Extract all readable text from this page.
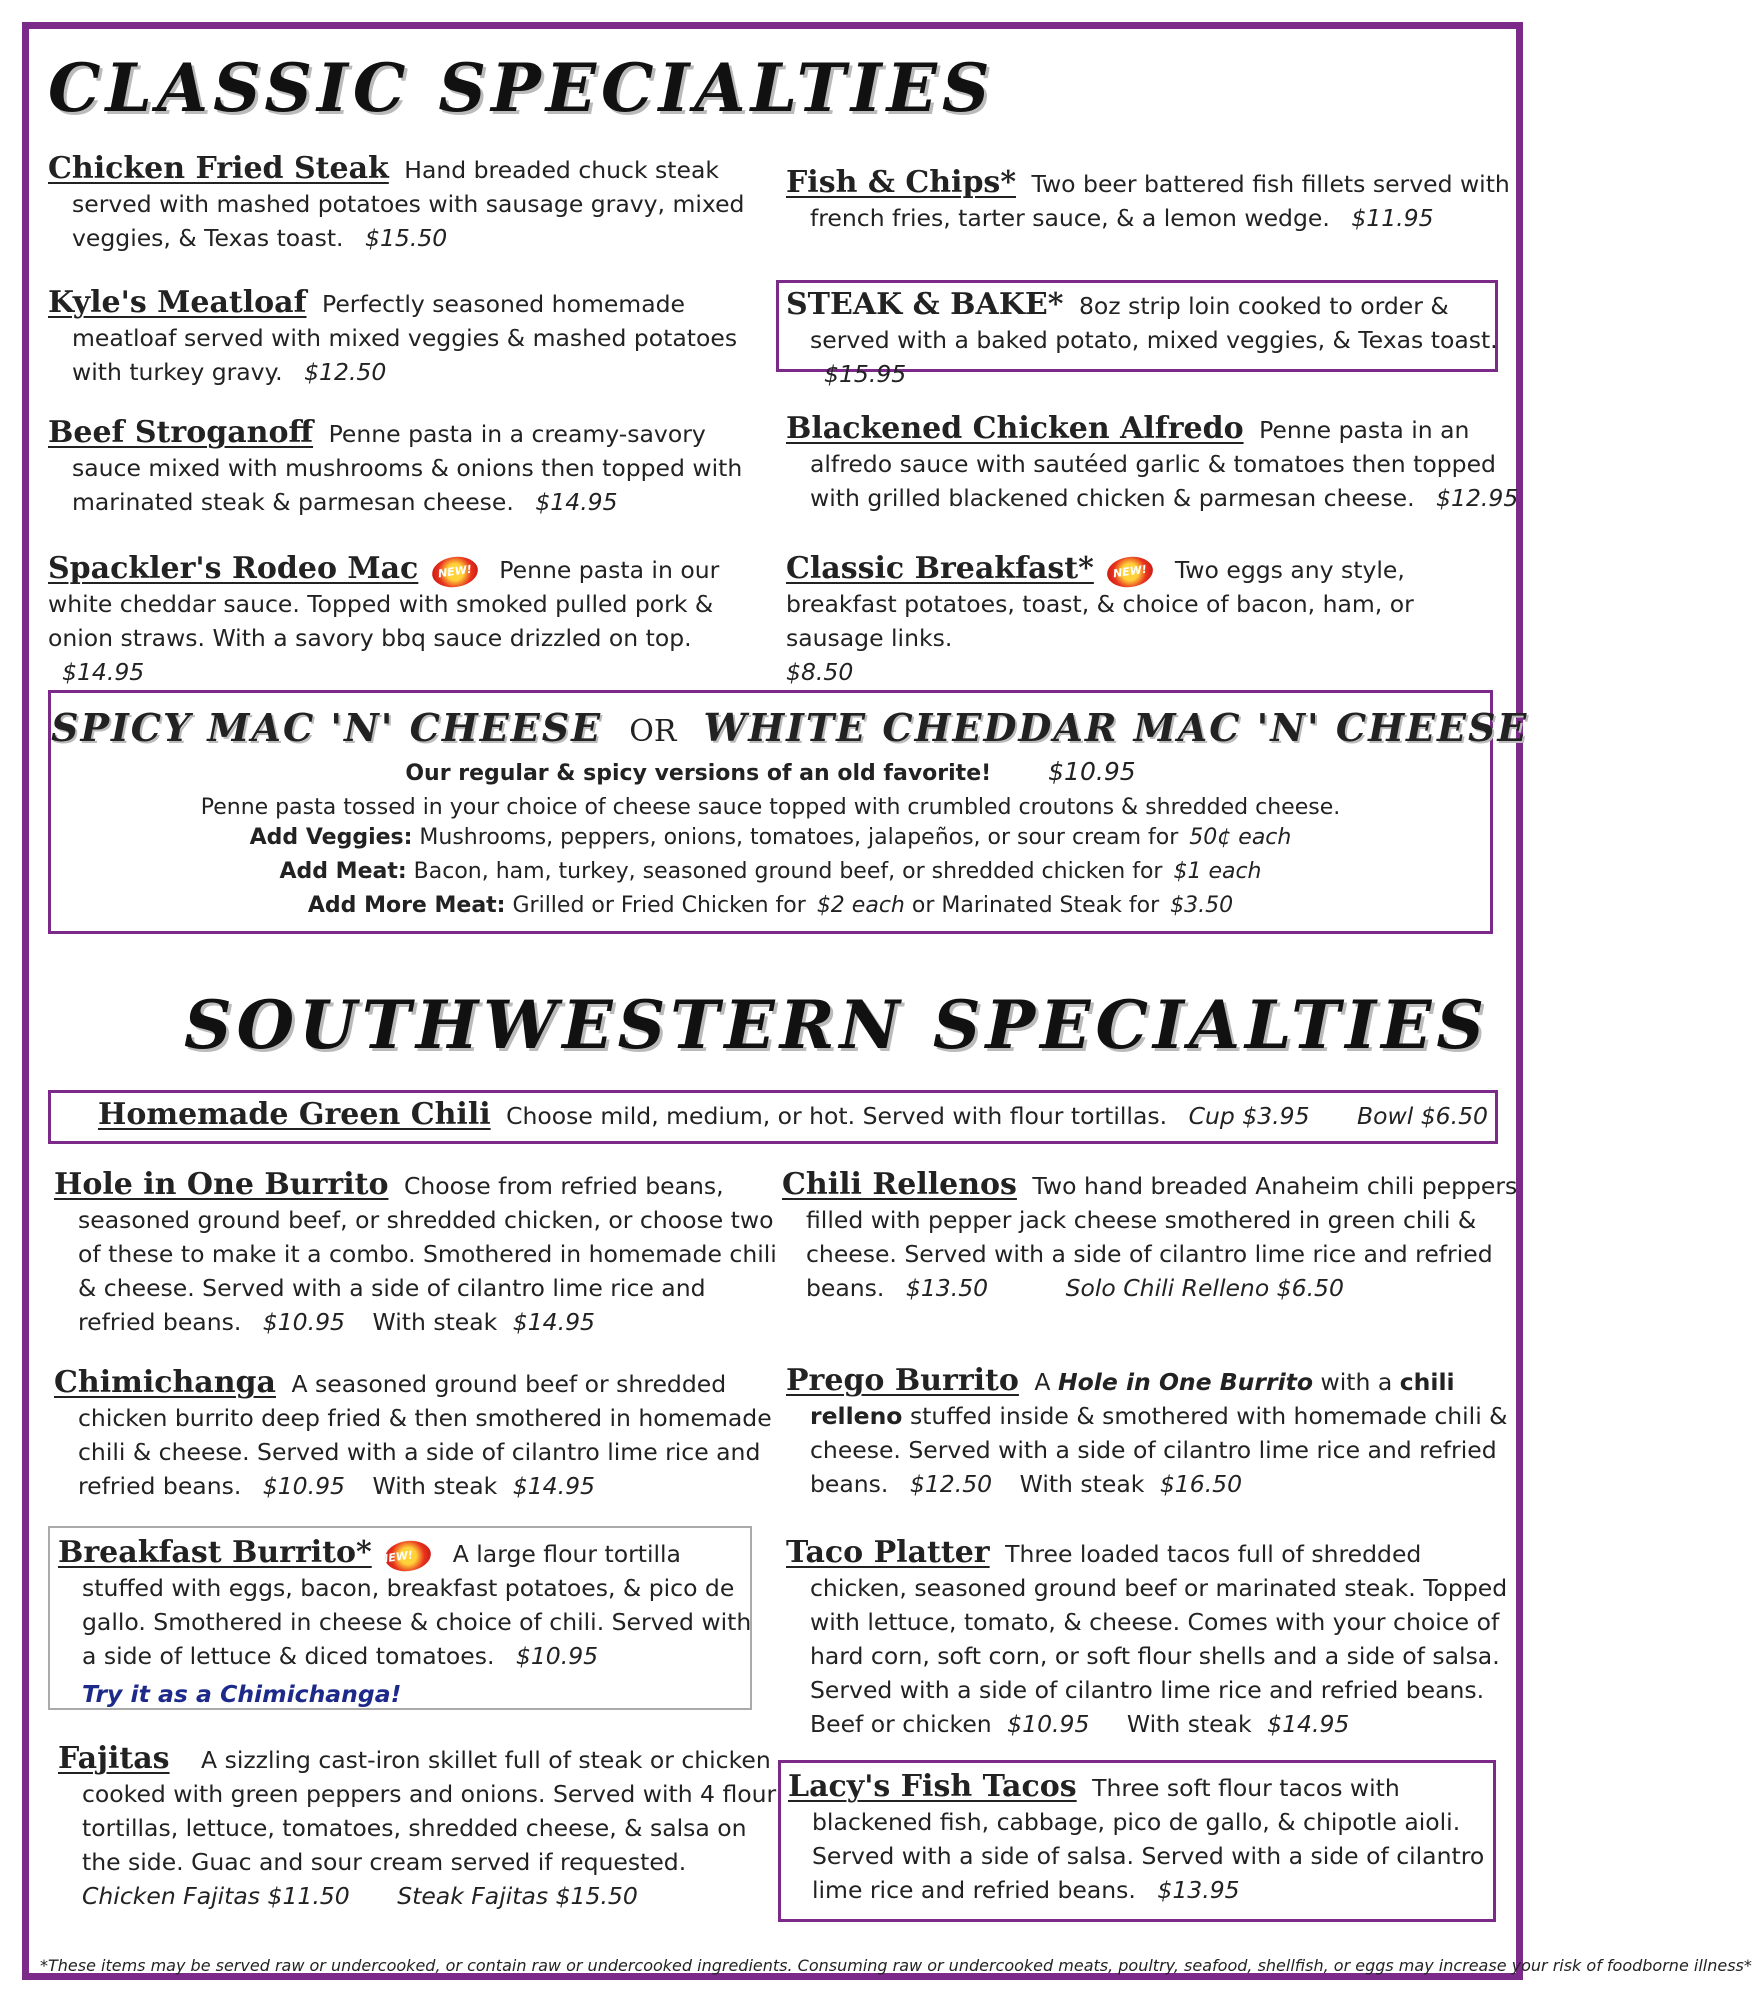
CLASSIC SPECIALTIES
Chicken Fried Steak Hand breaded chuck steak served with mashed potatoes with sausage gravy, mixed veggies, & Texas toast. $15.50
Kyle's Meatloaf Perfectly seasoned homemade meatloaf served with mixed veggies & mashed potatoes with turkey gravy. $12.50
Beef Stroganoff Penne pasta in a creamy-savory sauce mixed with mushrooms & onions then topped with marinated steak & parmesan cheese. $14.95
Spackler's Rodeo Mac NEW! Penne pasta in our white cheddar sauce. Topped with smoked pulled pork & onion straws. With a savory bbq sauce drizzled on top. $14.95
Fish & Chips* Two beer battered fish fillets served with french fries, tarter sauce, & a lemon wedge. $11.95
STEAK & BAKE* 8oz strip loin cooked to order & served with a baked potato, mixed veggies, & Texas toast. $15.95
Blackened Chicken Alfredo Penne pasta in an alfredo sauce with sautéed garlic & tomatoes then topped with grilled blackened chicken & parmesan cheese. $12.95
Classic Breakfast* NEW! Two eggs any style, breakfast potatoes, toast, & choice of bacon, ham, or sausage links.
$8.50
SPICY MAC 'N' CHEESE OR WHITE CHEDDAR MAC 'N' CHEESE
Our regular & spicy versions of an old favorite! $10.95
Penne pasta tossed in your choice of cheese sauce topped with crumbled croutons & shredded cheese.
Add Veggies: Mushrooms, peppers, onions, tomatoes, jalapeños, or sour cream for 50¢ each
Add Meat: Bacon, ham, turkey, seasoned ground beef, or shredded chicken for $1 each
Add More Meat: Grilled or Fried Chicken for $2 each or Marinated Steak for $3.50
SOUTHWESTERN SPECIALTIES
Homemade Green Chili Choose mild, medium, or hot. Served with flour tortillas. Cup $3.95 Bowl $6.50
Hole in One Burrito Choose from refried beans, seasoned ground beef, or shredded chicken, or choose two of these to make it a combo. Smothered in homemade chili & cheese. Served with a side of cilantro lime rice and refried beans. $10.95 With steak $14.95
Chimichanga A seasoned ground beef or shredded chicken burrito deep fried & then smothered in homemade chili & cheese. Served with a side of cilantro lime rice and refried beans. $10.95 With steak $14.95
Breakfast Burrito* NEW! A large flour tortilla stuffed with eggs, bacon, breakfast potatoes, & pico de gallo. Smothered in cheese & choice of chili. Served with a side of lettuce & diced tomatoes. $10.95
Try it as a Chimichanga!
Fajitas A sizzling cast-iron skillet full of steak or chicken cooked with green peppers and onions. Served with 4 flour tortillas, lettuce, tomatoes, shredded cheese, & salsa on the side. Guac and sour cream served if requested.
Chicken Fajitas $11.50 Steak Fajitas $15.50
Chili Rellenos Two hand breaded Anaheim chili peppers filled with pepper jack cheese smothered in green chili & cheese. Served with a side of cilantro lime rice and refried beans. $13.50	Solo Chili Relleno $6.50
Prego Burrito A Hole in One Burrito with a chili relleno stuffed inside & smothered with homemade chili & cheese. Served with a side of cilantro lime rice and refried beans. $12.50 With steak $16.50
Taco Platter Three loaded tacos full of shredded chicken, seasoned ground beef or marinated steak. Topped with lettuce, tomato, & cheese. Comes with your choice of hard corn, soft corn, or soft flour shells and a side of salsa. Served with a side of cilantro lime rice and refried beans.
Beef or chicken $10.95 With steak $14.95
Lacy's Fish Tacos Three soft flour tacos with blackened fish, cabbage, pico de gallo, & chipotle aioli. Served with a side of salsa. Served with a side of cilantro lime rice and refried beans. $13.95
*These items may be served raw or undercooked, or contain raw or undercooked ingredients. Consuming raw or undercooked meats, poultry, seafood, shellfish, or eggs may increase your risk of foodborne illness*
